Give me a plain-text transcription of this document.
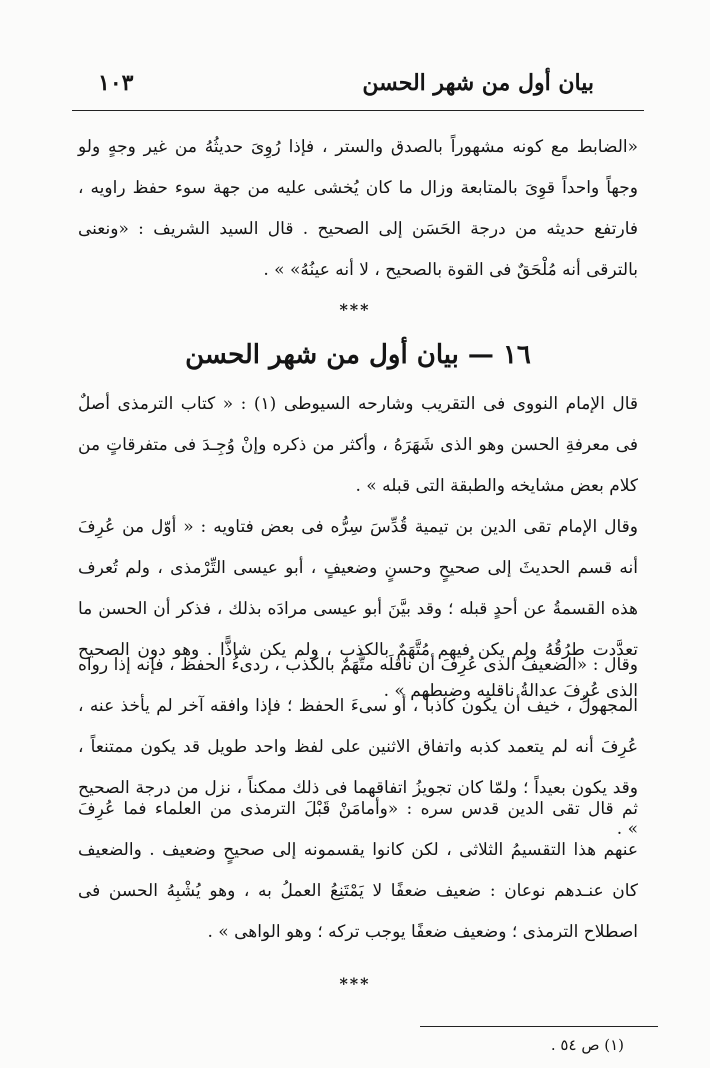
بيان أول من شهر الحسن
١٠٣
«الضابط مع كونه مشهوراً بالصدق والستر ، فإذا رُوِىَ حديثُهُ من غير وجهٍ ولو وجهاً واحداً قوِىَ بالمتابعة وزال ما كان يُخشى عليه من جهة سوء حفظ راويه ، فارتفع حديثه من درجة الحَسَن إلى الصحيح . قال السيد الشريف : «ونعنى بالترقى أنه مُلْحَقٌ فى القوة بالصحيح ، لا أنه عينُهُ» » .
***
١٦ — بيان أول من شهر الحسن
قال الإمام النووى فى التقريب وشارحه السيوطى (١) : « كتاب الترمذى أصلٌ فى معرفةِ الحسن وهو الذى شَهَرَهُ ، وأكثر من ذكره وإنْ وُجِـدَ فى متفرقاتٍ من كلام بعض مشايخه والطبقة التى قبله » .
وقال الإمام تقى الدين بن تيمية قُدِّسَ سِرُّه فى بعض فتاويه : « أوّل من عُرِفَ أنه قسم الحديثَ إلى صحيحٍ وحسنٍ وضعيفٍ ، أبو عيسى التِّرْمذى ، ولم تُعرف هذه القسمةُ عن أحدٍ قبله ؛ وقد بيَّنَ أبو عيسى مرادَه بذلك ، فذكر أن الحسن ما تعدَّدت طرُقُهُ ولم يكن فيهم مُتَّهَمٌ بالكذب ، ولم يكن شاذًّا . وهو دون الصحيح الذى عُرِفَ عدالةُ ناقليه وضبطهم » .
وقال : «الضعيفُ الذى عُرِفَ أن ناقلَه متَّهَمٌ بالكذب ، ردىءُ الحفظ ، فإنه إذا رواه المجهولُ ، خيف أن يكون كاذباً ، أو سىءَ الحفظ ؛ فإذا وافقه آخر لم يأخذ عنه ، عُرِفَ أنه لم يتعمد كذبه واتفاق الاثنين على لفظ واحد طويل قد يكون ممتنعاً ، وقد يكون بعيداً ؛ ولمّا كان تجويزُ اتفاقهما فى ذلك ممكناً ، نزل من درجة الصحيح » .
ثم قال تقى الدين قدس سره : «وأمامَنْ قَبْلَ الترمذى من العلماء فما عُرِفَ عنهم هذا التقسيمُ الثلاثى ، لكن كانوا يقسمونه إلى صحيحٍ وضعيف . والضعيف كان عنـدهم نوعان : ضعيف ضعفًا لا يَمْتَنِعُ العملُ به ، وهو يُشْبِهُ الحسن فى اصطلاح الترمذى ؛ وضعيف ضعفًا يوجب تركه ؛ وهو الواهى » .
***
(١) ص ٥٤ .
